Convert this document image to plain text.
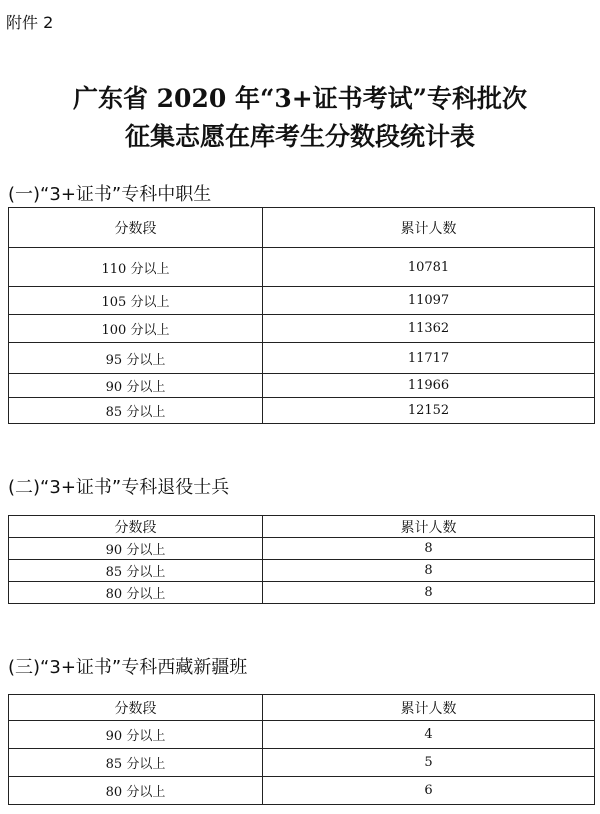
附件 2
广东省 2020 年“3+证书考试”专科批次
征集志愿在库考生分数段统计表
(一)“3+证书”专科中职生
分数段	累计人数
110 分以上	10781
105 分以上	11097
100 分以上	11362
95 分以上	11717
90 分以上	11966
85 分以上	12152
(二)“3+证书”专科退役士兵
分数段	累计人数
90 分以上	8
85 分以上	8
80 分以上	8
(三)“3+证书”专科西藏新疆班
分数段	累计人数
90 分以上	4
85 分以上	5
80 分以上	6
